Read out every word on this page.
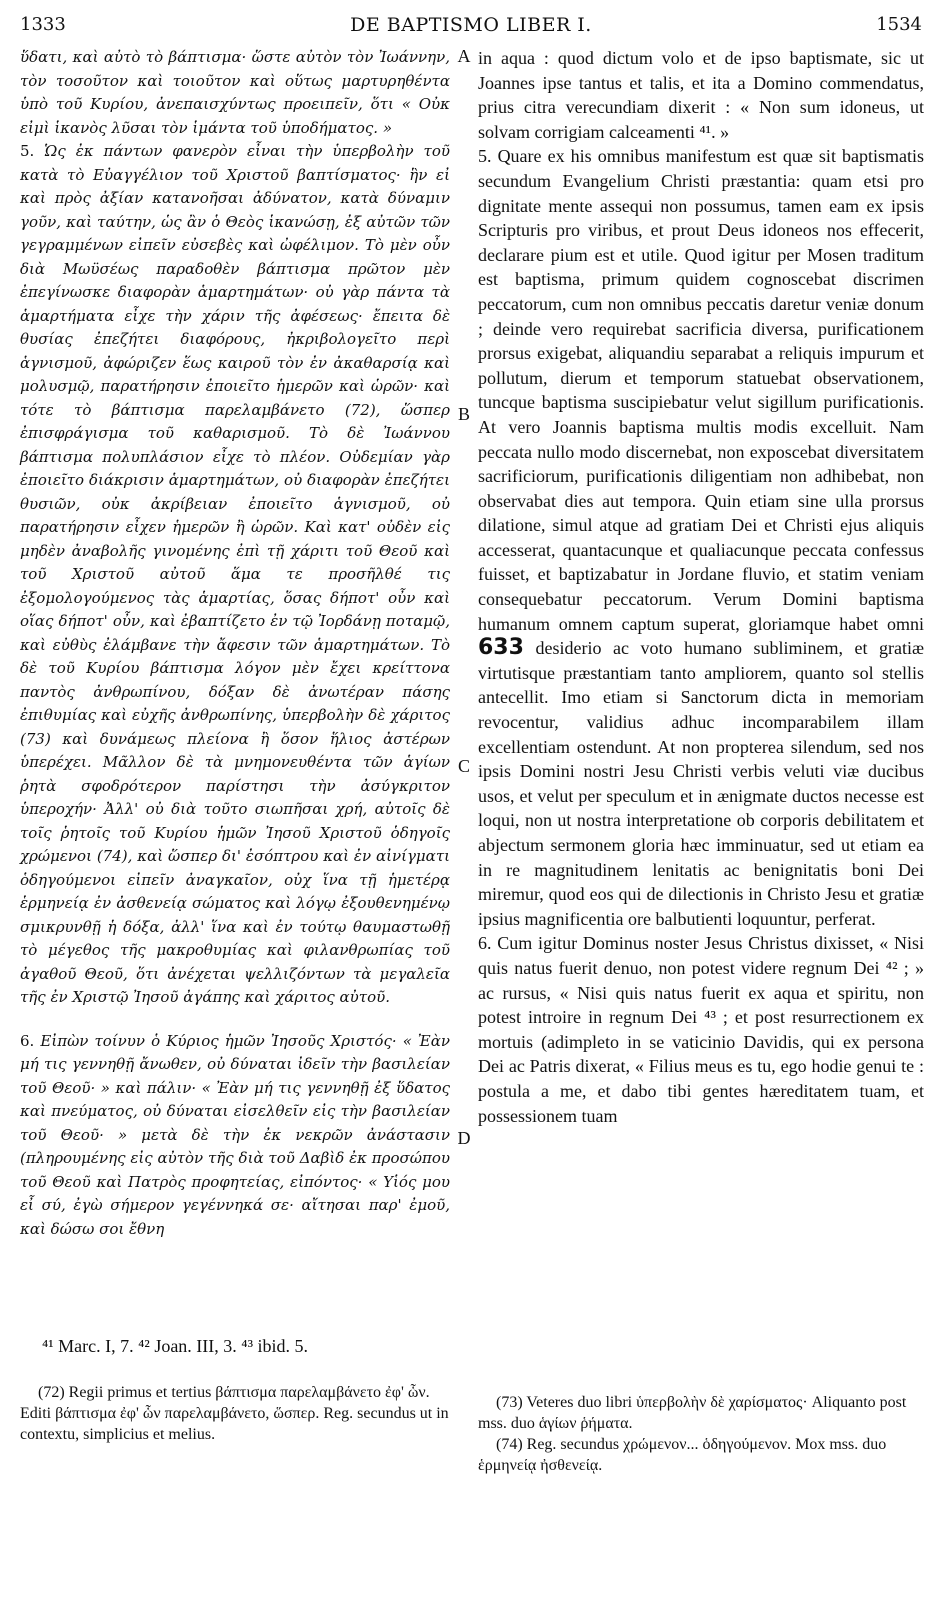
1333	DE BAPTISMO LIBER I.	1534

ὕδατι, καὶ αὐτὸ τὸ βάπτισμα· ὥστε αὐτὸν τὸν Ἰωάννην, τὸν τοσοῦτον καὶ τοιοῦτον καὶ οὕτως μαρτυρηθέντα ὑπὸ τοῦ Κυρίου, ἀνεπαισχύντως προειπεῖν, ὅτι « Οὐκ εἰμὶ ἱκανὸς λῦσαι τὸν ἱμάντα τοῦ ὑποδήματος. »

5. Ὡς ἐκ πάντων φανερὸν εἶναι τὴν ὑπερβολὴν τοῦ κατὰ τὸ Εὐαγγέλιον τοῦ Χριστοῦ βαπτίσματος· ἣν εἰ καὶ πρὸς ἀξίαν κατανοῆσαι ἀδύνατον, κατὰ δύναμιν γοῦν, καὶ ταύτην, ὡς ἂν ὁ Θεὸς ἱκανώσῃ, ἐξ αὐτῶν τῶν γεγραμμένων εἰπεῖν εὐσεβὲς καὶ ὠφέλιμον. Τὸ μὲν οὖν διὰ Μωϋσέως παραδοθὲν βάπτισμα πρῶτον μὲν ἐπεγίνωσκε διαφορὰν ἁμαρτημάτων· οὐ γὰρ πάντα τὰ ἁμαρτήματα εἶχε τὴν χάριν τῆς ἀφέσεως· ἔπειτα δὲ θυσίας ἐπεζήτει διαφόρους, ἠκριβολογεῖτο περὶ ἁγνισμοῦ, ἀφώριζεν ἕως καιροῦ τὸν ἐν ἀκαθαρσίᾳ καὶ μολυσμῷ, παρατήρησιν ἐποιεῖτο ἡμερῶν καὶ ὡρῶν· καὶ τότε τὸ βάπτισμα παρελαμβάνετο (72), ὥσπερ ἐπισφράγισμα τοῦ καθαρισμοῦ. Τὸ δὲ Ἰωάννου βάπτισμα πολυπλάσιον εἶχε τὸ πλέον. Οὐδεμίαν γὰρ ἐποιεῖτο διάκρισιν ἁμαρτημάτων, οὐ διαφορὰν ἐπεζήτει θυσιῶν, οὐκ ἀκρίβειαν ἐποιεῖτο ἁγνισμοῦ, οὐ παρατήρησιν εἶχεν ἡμερῶν ἢ ὡρῶν. Καὶ κατ' οὐδὲν εἰς μηδὲν ἀναβολῆς γινομένης ἐπὶ τῇ χάριτι τοῦ Θεοῦ καὶ τοῦ Χριστοῦ αὐτοῦ ἅμα τε προσῆλθέ τις ἐξομολογούμενος τὰς ἁμαρτίας, ὅσας δήποτ' οὖν καὶ οἵας δήποτ' οὖν, καὶ ἐβαπτίζετο ἐν τῷ Ἰορδάνῃ ποταμῷ, καὶ εὐθὺς ἐλάμβανε τὴν ἄφεσιν τῶν ἁμαρτημάτων. Τὸ δὲ τοῦ Κυρίου βάπτισμα λόγον μὲν ἔχει κρείττονα παντὸς ἀνθρωπίνου, δόξαν δὲ ἀνωτέραν πάσης ἐπιθυμίας καὶ εὐχῆς ἀνθρωπίνης, ὑπερβολὴν δὲ χάριτος (73) καὶ δυνάμεως πλείονα ἢ ὅσον ἥλιος ἀστέρων ὑπερέχει. Μᾶλλον δὲ τὰ μνημονευθέντα τῶν ἁγίων ῥητὰ σφοδρότερον παρίστησι τὴν ἀσύγκριτον ὑπεροχήν· Ἀλλ' οὐ διὰ τοῦτο σιωπῆσαι χρή, αὐτοῖς δὲ τοῖς ῥητοῖς τοῦ Κυρίου ἡμῶν Ἰησοῦ Χριστοῦ ὁδηγοῖς χρώμενοι (74), καὶ ὥσπερ δι' ἐσόπτρου καὶ ἐν αἰνίγματι ὁδηγούμενοι εἰπεῖν ἀναγκαῖον, οὐχ ἵνα τῇ ἡμετέρᾳ ἑρμηνείᾳ ἐν ἀσθενείᾳ σώματος καὶ λόγῳ ἐξουθενημένῳ σμικρυνθῇ ἡ δόξα, ἀλλ' ἵνα καὶ ἐν τούτῳ θαυμαστωθῇ τὸ μέγεθος τῆς μακροθυμίας καὶ φιλανθρωπίας τοῦ ἀγαθοῦ Θεοῦ, ὅτι ἀνέχεται ψελλιζόντων τὰ μεγαλεῖα τῆς ἐν Χριστῷ Ἰησοῦ ἀγάπης καὶ χάριτος αὐτοῦ.

6. Εἰπὼν τοίνυν ὁ Κύριος ἡμῶν Ἰησοῦς Χριστός· « Ἐὰν μή τις γεννηθῇ ἄνωθεν, οὐ δύναται ἰδεῖν τὴν βασιλείαν τοῦ Θεοῦ· » καὶ πάλιν· « Ἐὰν μή τις γεννηθῇ ἐξ ὕδατος καὶ πνεύματος, οὐ δύναται εἰσελθεῖν εἰς τὴν βασιλείαν τοῦ Θεοῦ· » μετὰ δὲ τὴν ἐκ νεκρῶν ἀνάστασιν (πληρουμένης εἰς αὐτὸν τῆς διὰ τοῦ Δαβὶδ ἐκ προσώπου τοῦ Θεοῦ καὶ Πατρὸς προφητείας, εἰπόντος· « Υἱός μου εἶ σύ, ἐγὼ σήμερον γεγέννηκά σε· αἴτησαι παρ' ἐμοῦ, καὶ δώσω σοι ἔθνη

A
B
C
D

in aqua : quod dictum volo et de ipso baptismate, sic ut Joannes ipse tantus et talis, et ita a Domino commendatus, prius citra verecundiam dixerit : « Non sum idoneus, ut solvam corrigiam calceamenti ⁴¹. »

5. Quare ex his omnibus manifestum est quæ sit baptismatis secundum Evangelium Christi præstantia: quam etsi pro dignitate mente assequi non possumus, tamen eam ex ipsis Scripturis pro viribus, et prout Deus idoneos nos effecerit, declarare pium est et utile. Quod igitur per Mosen traditum est baptisma, primum quidem cognoscebat discrimen peccatorum, cum non omnibus peccatis daretur veniæ donum ; deinde vero requirebat sacrificia diversa, purificationem prorsus exigebat, aliquandiu separabat a reliquis impurum et pollutum, dierum et temporum statuebat observationem, tuncque baptisma suscipiebatur velut sigillum purificationis. At vero Joannis baptisma multis modis excelluit. Nam peccata nullo modo discernebat, non exposcebat diversitatem sacrificiorum, purificationis diligentiam non adhibebat, non observabat dies aut tempora. Quin etiam sine ulla prorsus dilatione, simul atque ad gratiam Dei et Christi ejus aliquis accesserat, quantacunque et qualiacunque peccata confessus fuisset, et baptizabatur in Jordane fluvio, et statim veniam consequebatur peccatorum. Verum Domini baptisma humanum omnem captum superat, gloriamque habet omni 633 desiderio ac voto humano subliminem, et gratiæ virtutisque præstantiam tanto ampliorem, quanto sol stellis antecellit. Imo etiam si Sanctorum dicta in memoriam revocentur, validius adhuc incomparabilem illam excellentiam ostendunt. At non propterea silendum, sed nos ipsis Domini nostri Jesu Christi verbis veluti viæ ducibus usos, et velut per speculum et in ænigmate ductos necesse est loqui, non ut nostra interpretatione ob corporis debilitatem et abjectum sermonem gloria hæc imminuatur, sed ut etiam ea in re magnitudinem lenitatis ac benignitatis boni Dei miremur, quod eos qui de dilectionis in Christo Jesu et gratiæ ipsius magnificentia ore balbutienti loquuntur, perferat.

6. Cum igitur Dominus noster Jesus Christus dixisset, « Nisi quis natus fuerit denuo, non potest videre regnum Dei ⁴² ; » ac rursus, « Nisi quis natus fuerit ex aqua et spiritu, non potest introire in regnum Dei ⁴³ ; et post resurrectionem ex mortuis (adimpleto in se vaticinio Davidis, qui ex persona Dei ac Patris dixerat, « Filius meus es tu, ego hodie genui te : postula a me, et dabo tibi gentes hæreditatem tuam, et possessionem tuam

⁴¹ Marc. I, 7. ⁴² Joan. III, 3. ⁴³ ibid. 5.
(72) Regii primus et tertius βάπτισμα παρελαμβάνετο ἐφ' ὧν. Editi βάπτισμα ἐφ' ὧν παρελαμβάνετο, ὥσπερ. Reg. secundus ut in contextu, simplicius et melius.

(73) Veteres duo libri ὑπερβολὴν δὲ χαρίσματος· Aliquanto post mss. duo ἁγίων ῥήματα.

(74) Reg. secundus χρώμενον... ὁδηγούμενον. Mox mss. duo ἑρμηνείᾳ ἠσθενείᾳ.
